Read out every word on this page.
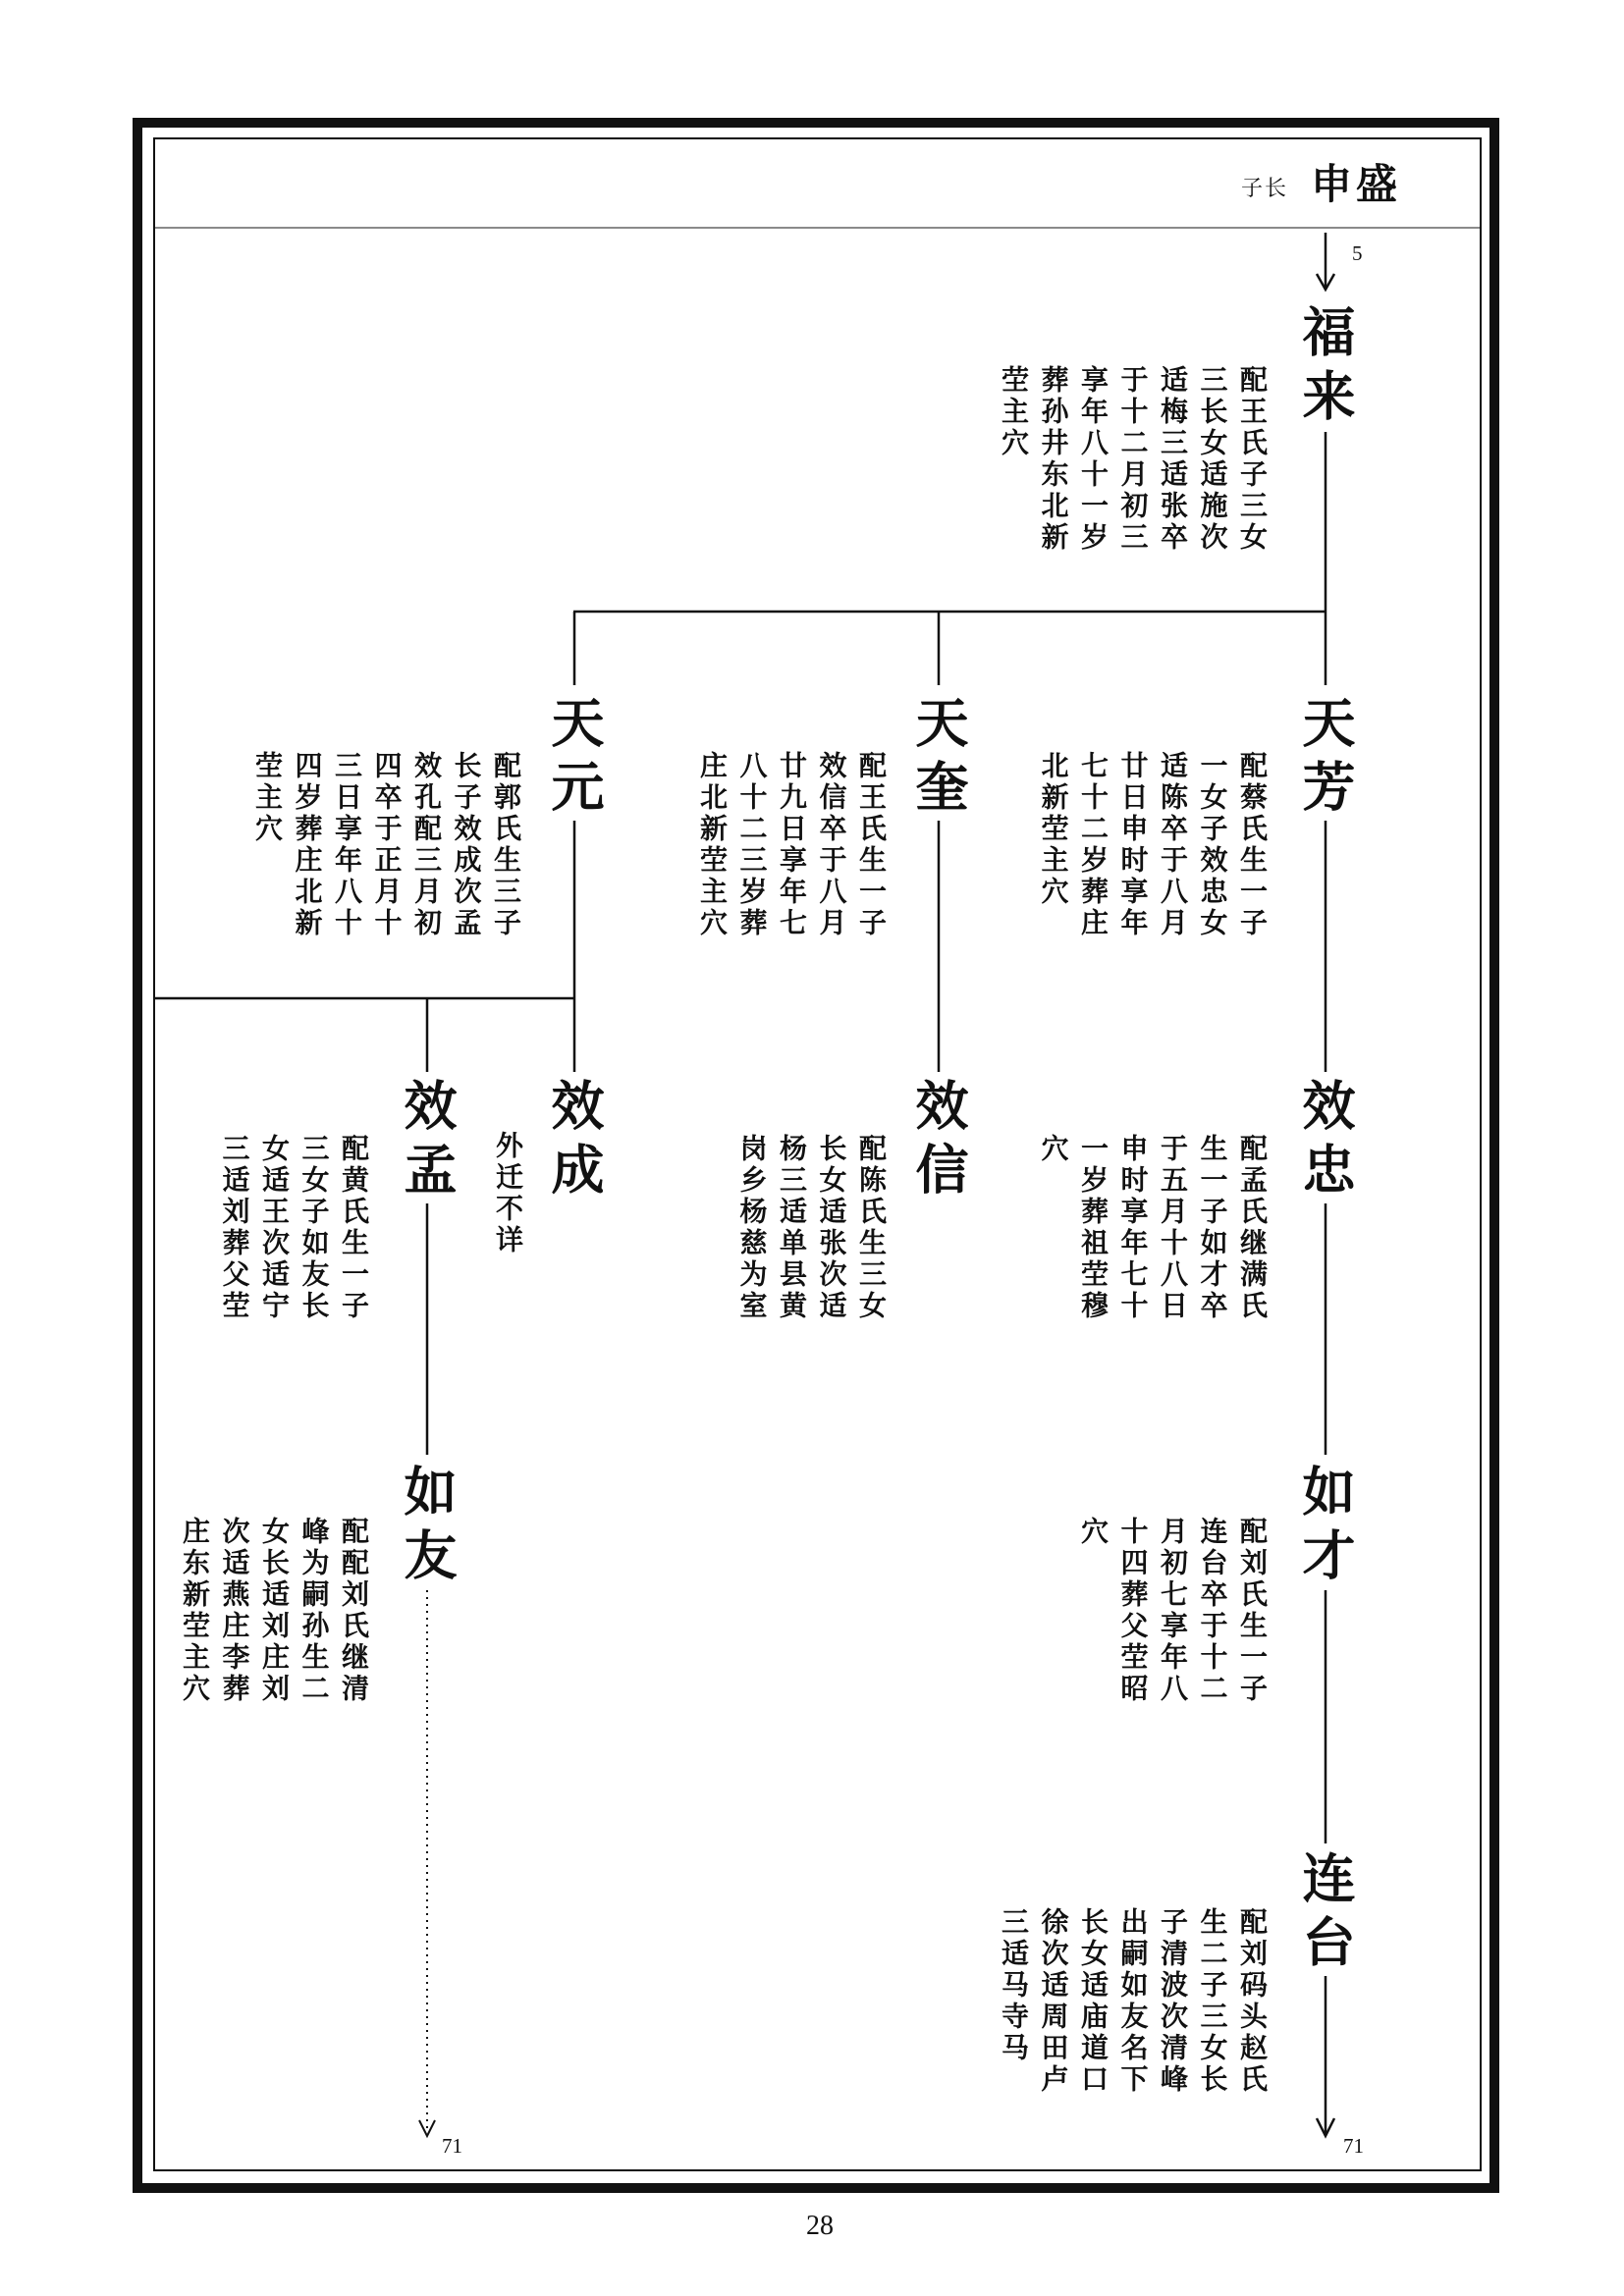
子长 申盛
5
71	71
福来
天芳
天奎
天元
效孟 效成	效信	效忠
如友	如才
连台
配王氏子三女
三长女适施次
适梅三适张卒
于十二月初三
享年八十一岁
葬孙井东北新
茔主穴
配蔡氏生一子
一女子效忠女
适陈卒于八月
廿日申时享年
七十二岁葬庄
北新茔主穴
配王氏生一子
效信卒于八月
廿九日享年七
八十二三岁葬
庄北新茔主穴
配郭氏生三子
长子效成次孟
效孔配三月初
四卒于正月十
三日享年八十
四岁葬庄北新
茔主穴
外迁不详
配黄氏生一子
三女子如友长
女适王次适宁
三适刘葬父茔	配陈氏生三女
长女适张次适
杨三适单县黄
岗乡杨慈为室	配孟氏继满氏
生一子如才卒
于五月十八日
申时享年七十
一岁葬祖茔穆
穴
配配刘氏继清
峰为嗣孙生二
女长适刘庄刘
次适燕庄李葬
庄东新茔主穴	配刘氏生一子
连台卒于十二
月初七享年八
十四葬父茔昭
穴
配刘码头赵氏
生二子三女长
子清波次清峰
出嗣如友名下
长女适庙道口
徐次适周田卢
三适马寺马
28
